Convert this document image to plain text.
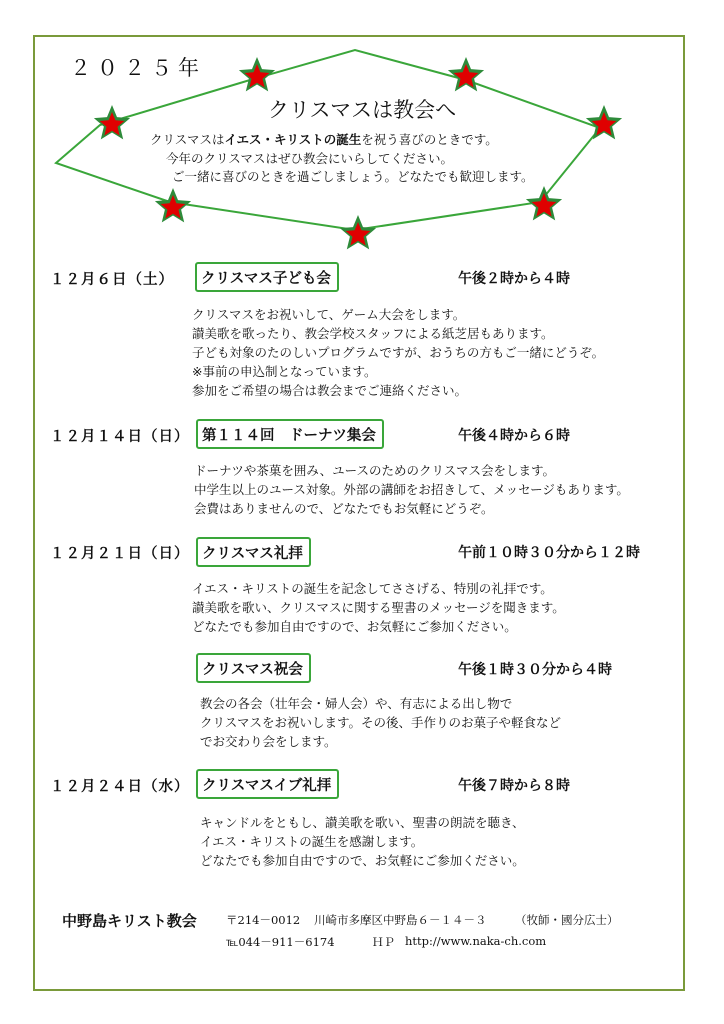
２０２５年
クリスマスは教会へ
クリスマスはイエス・キリストの誕生を祝う喜びのときです。
今年のクリスマスはぜひ教会にいらしてください。
ご一緒に喜びのときを過ごしましょう。どなたでも歓迎します。
１２月６日（土）	クリスマス子ども会	午後２時から４時
クリスマスをお祝いして、ゲーム大会をします。
讃美歌を歌ったり、教会学校スタッフによる紙芝居もあります。
子ども対象のたのしいプログラムですが、おうちの方もご一緒にどうぞ。
※事前の申込制となっています。
参加をご希望の場合は教会までご連絡ください。
１２月１４日（日） 第１１４回　ドーナツ集会	午後４時から６時
ドーナツや茶菓を囲み、ユースのためのクリスマス会をします。
中学生以上のユース対象。外部の講師をお招きして、メッセージもあります。
会費はありませんので、どなたでもお気軽にどうぞ。
１２月２１日（日） クリスマス礼拝	午前１０時３０分から１２時
イエス・キリストの誕生を記念してささげる、特別の礼拝です。
讃美歌を歌い、クリスマスに関する聖書のメッセージを聞きます。
どなたでも参加自由ですので、お気軽にご参加ください。
クリスマス祝会	午後１時３０分から４時
教会の各会（壮年会・婦人会）や、有志による出し物で
クリスマスをお祝いします。その後、手作りのお菓子や軽食など
でお交わり会をします。
１２月２４日（水） クリスマスイブ礼拝	午後７時から８時
キャンドルをともし、讃美歌を歌い、聖書の朗読を聴き、
イエス・キリストの誕生を感謝します。
どなたでも参加自由ですので、お気軽にご参加ください。
中野島キリスト教会	〒214－0012 川崎市多摩区中野島６－１４－３ （牧師・國分広士）
℡044－911－6174	ＨＰ http://www.naka-ch.com
